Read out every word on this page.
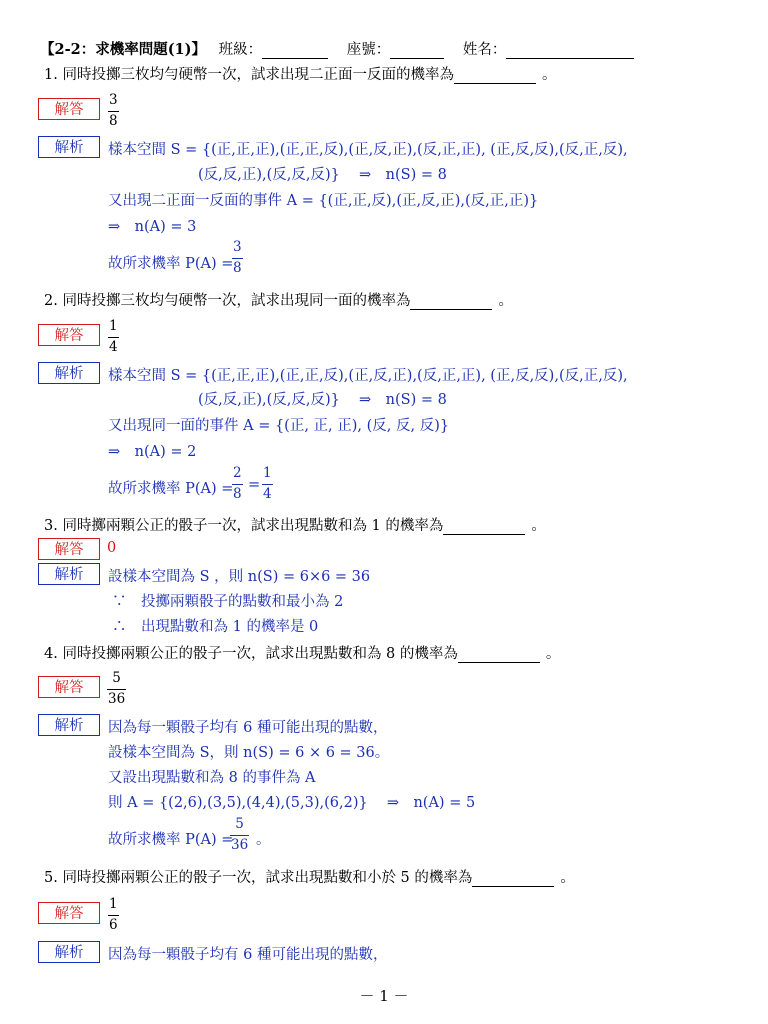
【2-2：求機率問題(1)】 班級：	座號：	姓名：
1. 同時投擲三枚均勻硬幣一次，試求出現二正面一反面的機率為	。
解答
3
8
解析	樣本空間 S = {(正,正,正),(正,正,反),(正,反,正),(反,正,正), (正,反,反),(反,正,反),
(反,反,正),(反,反,反)}　 ⇒　n(S) = 8
又出現二正面一反面的事件 A = {(正,正,反),(正,反,正),(反,正,正)}
⇒　n(A) = 3
故所求機率 P(A) =
3
8
2. 同時投擲三枚均勻硬幣一次，試求出現同一面的機率為	。
解答
1
4
解析	樣本空間 S = {(正,正,正),(正,正,反),(正,反,正),(反,正,正), (正,反,反),(反,正,反),
(反,反,正),(反,反,反)}　 ⇒　n(S) = 8
又出現同一面的事件 A = {(正, 正, 正), (反, 反, 反)}
⇒　n(A) = 2
故所求機率 P(A) =
2
8
=
1
4
3. 同時擲兩顆公正的骰子一次，試求出現點數和為 1 的機率為	。
解答	0
解析	設樣本空間為 S ，則 n(S) = 6×6 = 36
∵　投擲兩顆骰子的點數和最小為 2
∴　出現點數和為 1 的機率是 0
4. 同時投擲兩顆公正的骰子一次，試求出現點數和為 8 的機率為	。
解答
5
36
解析	因為每一顆骰子均有 6 種可能出現的點數，
設樣本空間為 S，則 n(S) = 6 × 6 = 36。
又設出現點數和為 8 的事件為 A
則 A = {(2,6),(3,5),(4,4),(5,3),(6,2)}　 ⇒　n(A) = 5
故所求機率 P(A) =
5
36 。
5. 同時投擲兩顆公正的骰子一次，試求出現點數和小於 5 的機率為	。
解答
1
6
解析	因為每一顆骰子均有 6 種可能出現的點數，
－ 1 －
